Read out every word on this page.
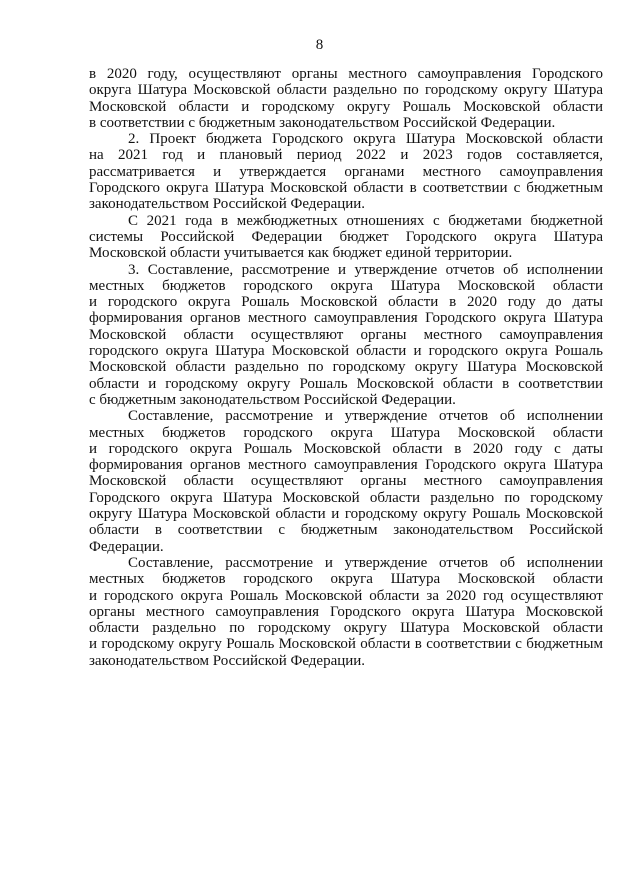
8
в 2020 году, осуществляют органы местного самоуправления Городского
округа Шатура Московской области раздельно по городскому округу Шатура
Московской области и городскому округу Рошаль Московской области
в соответствии с бюджетным законодательством Российской Федерации.
2. Проект бюджета Городского округа Шатура Московской области
на 2021 год и плановый период 2022 и 2023 годов составляется,
рассматривается и утверждается органами местного самоуправления
Городского округа Шатура Московской области в соответствии с бюджетным
законодательством Российской Федерации.
С 2021 года в межбюджетных отношениях с бюджетами бюджетной
системы Российской Федерации бюджет Городского округа Шатура
Московской области учитывается как бюджет единой территории.
3. Составление, рассмотрение и утверждение отчетов об исполнении
местных бюджетов городского округа Шатура Московской области
и городского округа Рошаль Московской области в 2020 году до даты
формирования органов местного самоуправления Городского округа Шатура
Московской области осуществляют органы местного самоуправления
городского округа Шатура Московской области и городского округа Рошаль
Московской области раздельно по городскому округу Шатура Московской
области и городскому округу Рошаль Московской области в соответствии
с бюджетным законодательством Российской Федерации.
Составление, рассмотрение и утверждение отчетов об исполнении
местных бюджетов городского округа Шатура Московской области
и городского округа Рошаль Московской области в 2020 году с даты
формирования органов местного самоуправления Городского округа Шатура
Московской области осуществляют органы местного самоуправления
Городского округа Шатура Московской области раздельно по городскому
округу Шатура Московской области и городскому округу Рошаль Московской
области в соответствии с бюджетным законодательством Российской
Федерации.
Составление, рассмотрение и утверждение отчетов об исполнении
местных бюджетов городского округа Шатура Московской области
и городского округа Рошаль Московской области за 2020 год осуществляют
органы местного самоуправления Городского округа Шатура Московской
области раздельно по городскому округу Шатура Московской области
и городскому округу Рошаль Московской области в соответствии с бюджетным
законодательством Российской Федерации.
